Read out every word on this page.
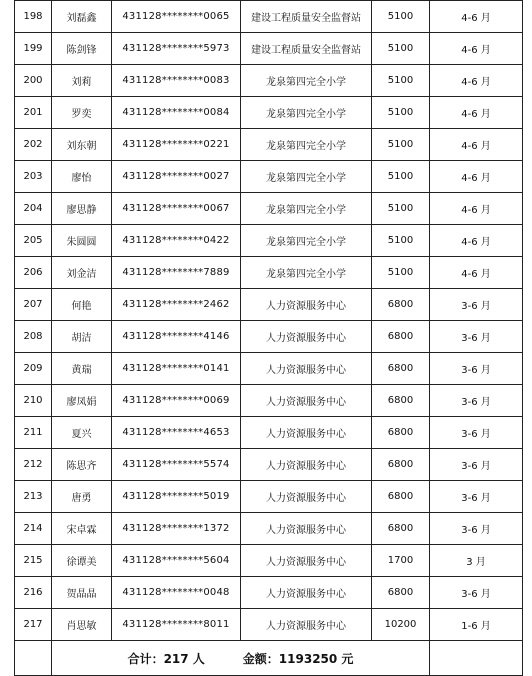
198	刘磊鑫	431128********0065	建设工程质量安全监督站	5100	4-6 月
199	陈剑锋	431128********5973	建设工程质量安全监督站	5100	4-6 月
200	刘莉	431128********0083	龙泉第四完全小学	5100	4-6 月
201	罗奕	431128********0084	龙泉第四完全小学	5100	4-6 月
202	刘东朝	431128********0221	龙泉第四完全小学	5100	4-6 月
203	廖怡	431128********0027	龙泉第四完全小学	5100	4-6 月
204	廖思静	431128********0067	龙泉第四完全小学	5100	4-6 月
205	朱圆圆	431128********0422	龙泉第四完全小学	5100	4-6 月
206	刘金洁	431128********7889	龙泉第四完全小学	5100	4-6 月
207	何艳	431128********2462	人力资源服务中心	6800	3-6 月
208	胡洁	431128********4146	人力资源服务中心	6800	3-6 月
209	黄瑞	431128********0141	人力资源服务中心	6800	3-6 月
210	廖凤娟	431128********0069	人力资源服务中心	6800	3-6 月
211	夏兴	431128********4653	人力资源服务中心	6800	3-6 月
212	陈思齐	431128********5574	人力资源服务中心	6800	3-6 月
213	唐勇	431128********5019	人力资源服务中心	6800	3-6 月
214	宋卓霖	431128********1372	人力资源服务中心	6800	3-6 月
215	徐谭美	431128********5604	人力资源服务中心	1700	3 月
216	贺晶晶	431128********0048	人力资源服务中心	6800	3-6 月
217	肖思敏	431128********8011	人力资源服务中心	10200	1-6 月
	合计：217 人 金额：1193250 元				
